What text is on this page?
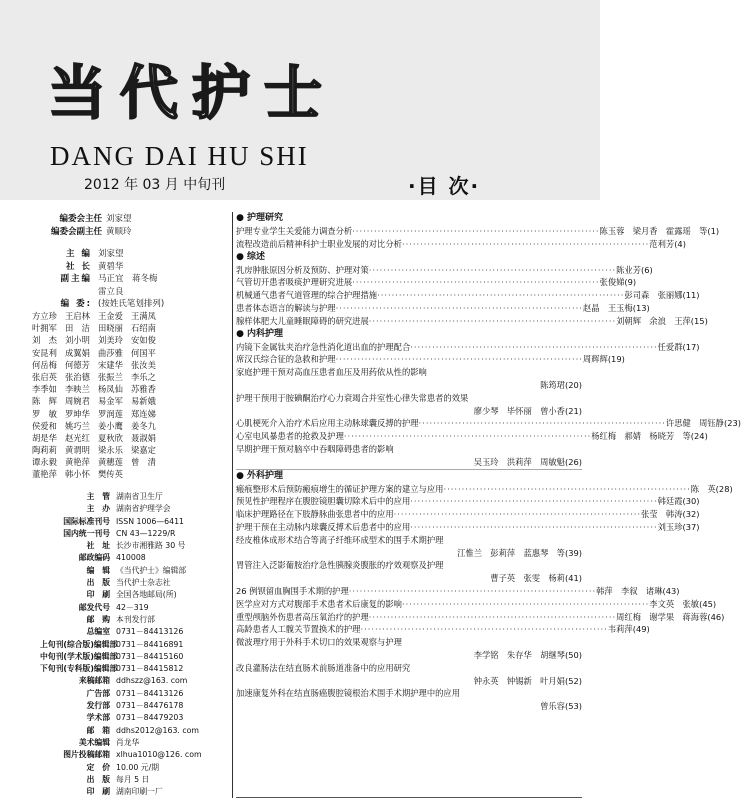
当代护士
DANG DAI HU SHI
2012 年 03 月 中旬刊	·目 次·
编委会主任 刘家望
编委会副主任 黄顺玲
主 编 刘家望
社 长 黄碧华
副主编 马正宜　蒋冬梅
雷立良
编 委: (按姓氏笔划排列)
方立珍 王启林 王金爱 王满凤
叶拥军 田　洁 田晓丽 石绍南
刘　杰 刘小明 刘美玲 安如俊
安昆利 成翼娟 曲莎雅 何国平
何岳梅 何德芳 宋建华 张汝美
张启英 张治德 张振兰 李乐之
李季如 李映兰 杨凤仙 苏雅香
陈　辉 周婉君 易金军 易新娥
罗　敏 罗坤华 罗润莲 郑连娣
侯爱和 姚巧兰 姜小鹰 姜冬九
胡是华 赵光红 夏秋欣 聂淑娟
陶莉莉 黄谓明 梁永乐 梁嘉定
谭永毅 黄艳萍 黄穗莲 曾　清
董艳萍 韩小怀 樊传英
主　管 湖南省卫生厅
主　办 湖南省护理学会
国际标准刊号 ISSN 1006—6411
国内统一刊号 CN 43—1229/R
社　址 长沙市湘雅路 30 号
邮政编码 410008
编　辑 《当代护士》编辑部
出　版 当代护士杂志社
印　刷 全国各地邮局(所)
邮发代号 42－319
邮　购 本刊发行部
总编室 0731－84413126
上旬刊(综合版)编辑部
0731－84416891
中旬刊(学术版)编辑部
0731－84415160
下旬刊(专科版)编辑部
0731－84415812
来稿邮箱 ddhszz@163. com
广告部 0731－84413126
发行部 0731－84476178
学术部 0731－84479203
邮　箱 ddhs2012@163. com
美术编辑 肖龙华
图片投稿邮箱 xlhua1010@126. com
定　价 10.00 元/期
出　版 每月 5 日
印　刷 湖南印刷一厂
● 护理研究
护理专业学生关爱能力调查分析 ···································································· 陈玉蓉　梁月香　霍露瑶　等(1)
流程改造前后精神科护士职业发展的对比分析 ···································································· 范利芳(4)
● 综述
乳房肿胀原因分析及预防、护理对策 ···································································· 陈业芳(6)
气管切开患者吸痰护理研究进展 ···································································· 张俊娣(9)
机械通气患者气道管理的综合护理措施 ···································································· 彭司森　张丽娜(11)
患者体态语言的解读与护理 ···································································· 赵晶　王玉梅(13)
腺样体肥大儿童睡眠障碍的研究进展 ···································································· 刘朝辉　余浪　王萍(15)
● 内科护理
内镜下金属钛夹治疗急性消化道出血的护理配合 ···································································· 任爱群(17)
席汉氏综合征的急救和护理 ···································································· 周辉辉(19)
家庭护理干预对高血压患者血压及用药依从性的影响
陈筠珺(20)
护理干预用于胺碘酮治疗心力衰竭合并室性心律失常患者的效果
廖少琴　毕怀丽　曾小香(21)
心肌梗死介入治疗术后应用主动脉球囊反搏的护理 ···································································· 许思健　周钰静(23)
心室电风暴患者的抢救及护理 ···································································· 杨红梅　郝婧　杨晓芳　等(24)
早期护理干预对脑卒中吞咽障碍患者的影响
吴玉玲　洪莉萍　周敏魁(26)
● 外科护理
瘢痕整形术后预防瘢痕增生的循证护理方案的建立与应用 ···································································· 陈　英(28)
预见性护理程序在腹腔镜胆囊切除术后中的应用 ···································································· 韩廷霞(30)
临床护理路径在下肢静脉曲张患者中的应用 ···································································· 张莹　韩涛(32)
护理干预在主动脉内球囊反搏术后患者中的应用 ···································································· 刘玉珍(37)
经皮椎体成形术结合等离子纤维环成型术的围手术期护理
江惟兰　彭莉萍　蓝惠琴　等(39)
胃管注入泛影葡胺治疗急性胰腺炎腹胀的疗效观察及护理
曹子英　张雯　杨莉(41)
26 例钡留血胸围手术期的护理 ···································································· 韩萍　李叙　诸琳(43)
医学应对方式对腹部手术患者术后康复的影响 ···································································· 李文英　张敏(45)
重型颅脑外伤患者高压氧治疗的护理 ···································································· 周红梅　谢学果　蒋海蓉(46)
高龄患者人工髋关节置换术的护理 ···································································· 韦莉萍(49)
微波理疗用于外科手术切口的效果观察与护理
李学铭　朱存华　胡继琴(50)
改良灌肠法在结直肠术前肠道准备中的应用研究
钟永英　钟锡新　叶月娟(52)
加速康复外科在结直肠癌腹腔镜根治术围手术期护理中的应用
曾乐容(53)
